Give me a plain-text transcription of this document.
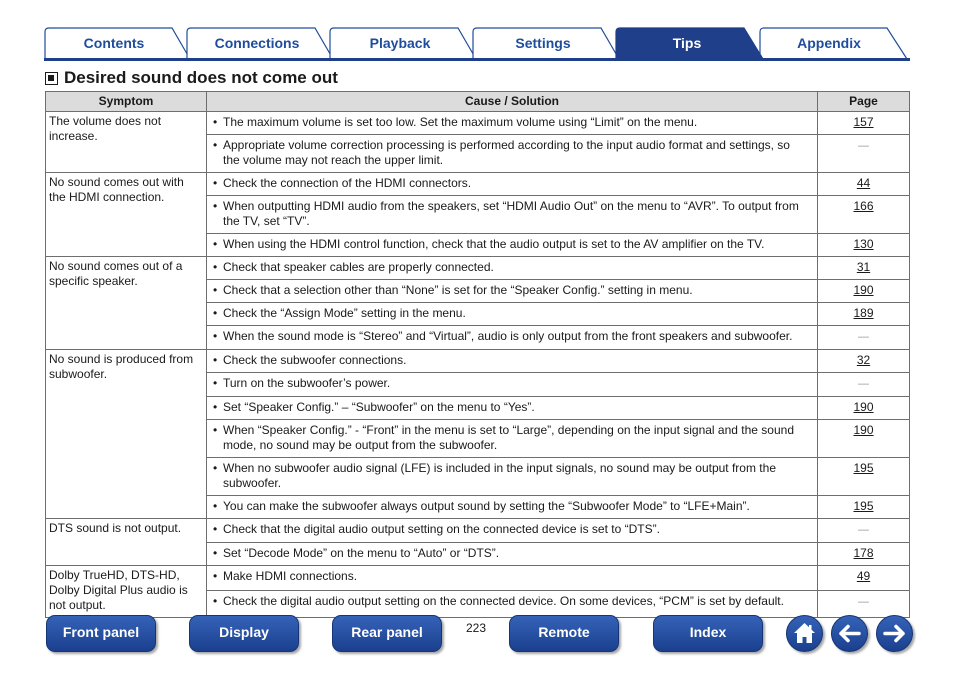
Contents	Connections	Playback	Settings	Tips	Appendix
Desired sound does not come out
Symptom	Cause / Solution	Page
The volume does not increase.	• The maximum volume is set too low. Set the maximum volume using “Limit” on the menu.	157

	• Appropriate volume correction processing is performed according to the input audio format and settings, so the volume may not reach the upper limit.	—
No sound comes out with the HDMI connection.	• Check the connection of the HDMI connectors.	44

	• When outputting HDMI audio from the speakers, set “HDMI Audio Out” on the menu to “AVR”. To output from the TV, set “TV”.	166

	• When using the HDMI control function, check that the audio output is set to the AV amplifier on the TV.	130
No sound comes out of a specific speaker.	• Check that speaker cables are properly connected.	31

	• Check that a selection other than “None” is set for the “Speaker Config.” setting in menu.	190

	• Check the “Assign Mode” setting in the menu.	189

	• When the sound mode is “Stereo” and “Virtual”, audio is only output from the front speakers and subwoofer.	—
No sound is produced from subwoofer.	• Check the subwoofer connections.	32

	• Turn on the subwoofer’s power.	—

	• Set “Speaker Config.” – “Subwoofer” on the menu to “Yes”.	190

	• When “Speaker Config.” - “Front” in the menu is set to “Large”, depending on the input signal and the sound mode, no sound may be output from the subwoofer.	190

	• When no subwoofer audio signal (LFE) is included in the input signals, no sound may be output from the subwoofer.	195

	• You can make the subwoofer always output sound by setting the “Subwoofer Mode” to “LFE+Main”.	195
DTS sound is not output.	• Check that the digital audio output setting on the connected device is set to “DTS”.	—

	• Set “Decode Mode” on the menu to “Auto” or “DTS”.	178
Dolby TrueHD, DTS-HD, Dolby Digital Plus audio is not output.	• Make HDMI connections.	49

	• Check the digital audio output setting on the connected device. On some devices, “PCM” is set by default.	—
Front panel	Display	Rear panel	223	Remote	Index
